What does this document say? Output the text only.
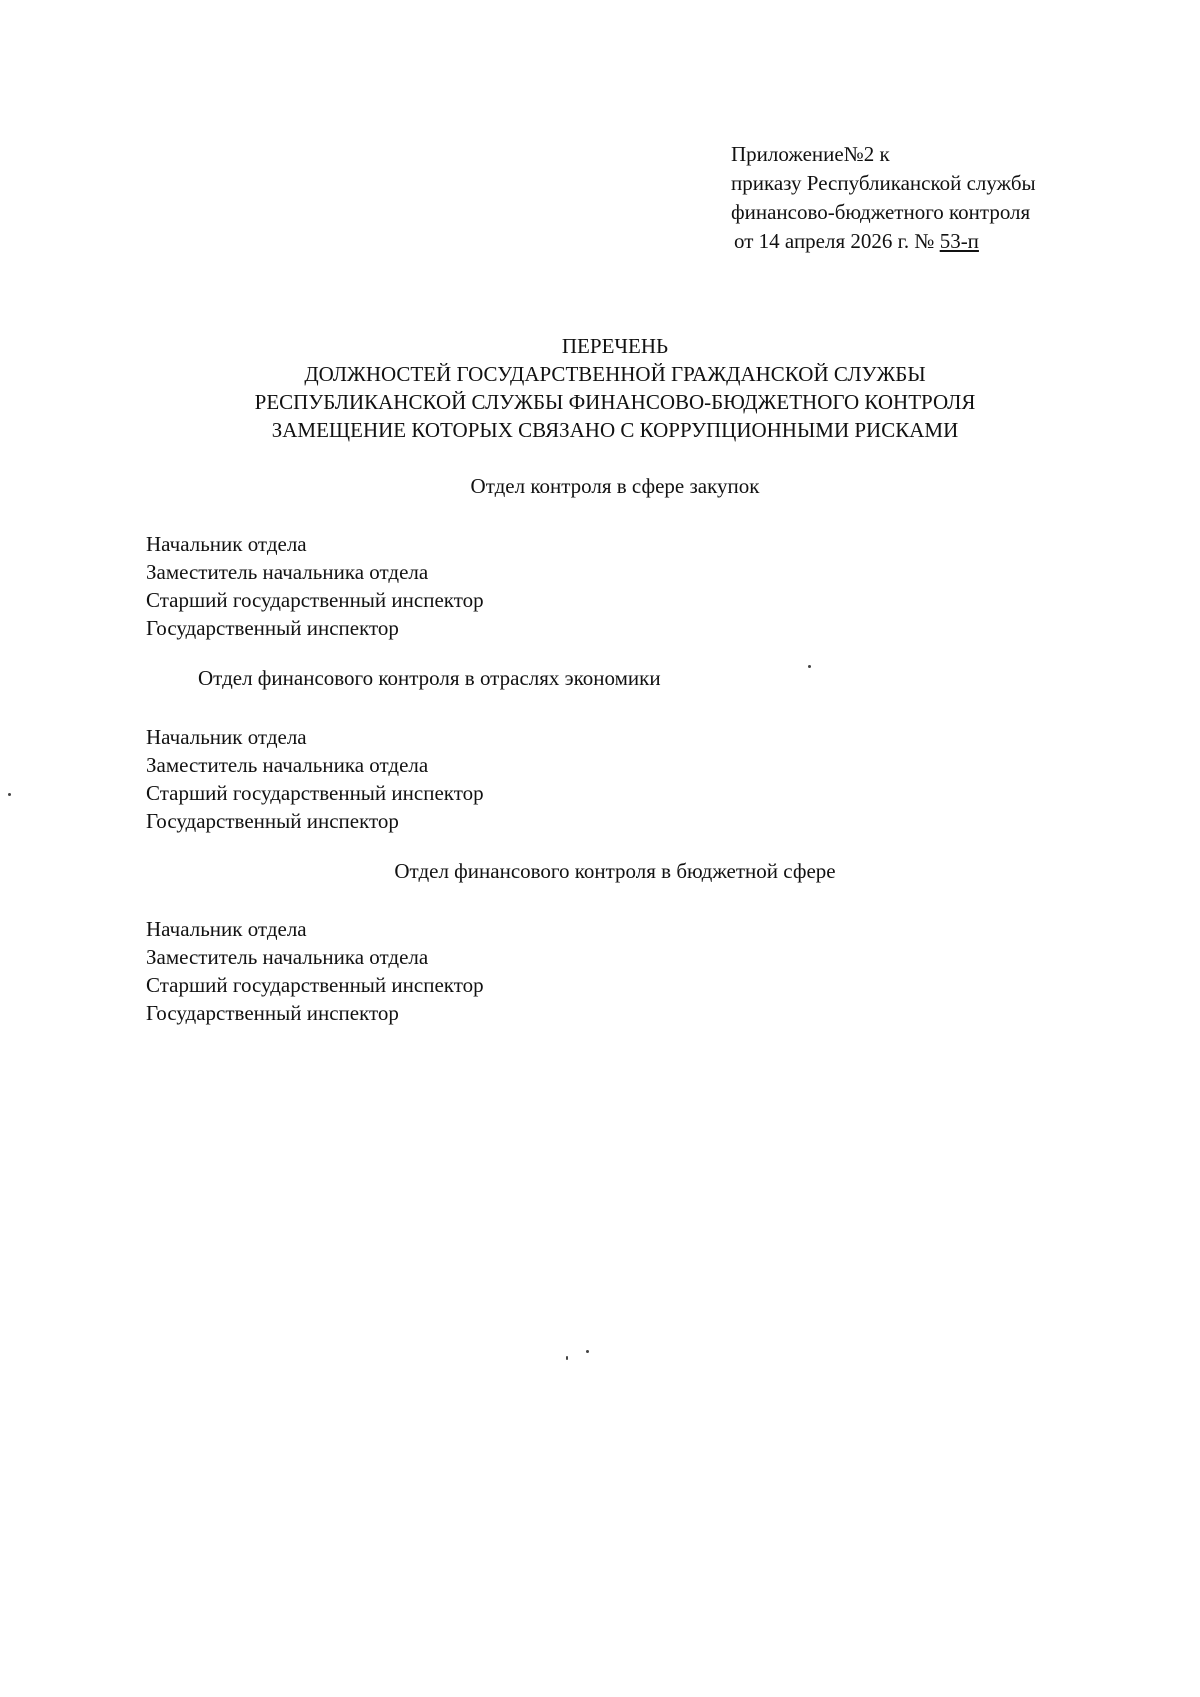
Приложение№2 к
приказу Республиканской службы
финансово-бюджетного контроля
от 14 апреля 2026 г. № 53-п
ПЕРЕЧЕНЬ
ДОЛЖНОСТЕЙ ГОСУДАРСТВЕННОЙ ГРАЖДАНСКОЙ СЛУЖБЫ
РЕСПУБЛИКАНСКОЙ СЛУЖБЫ ФИНАНСОВО-БЮДЖЕТНОГО КОНТРОЛЯ
ЗАМЕЩЕНИЕ КОТОРЫХ СВЯЗАНО С КОРРУПЦИОННЫМИ РИСКАМИ
Отдел контроля в сфере закупок
Начальник отдела
Заместитель начальника отдела
Старший государственный инспектор
Государственный инспектор
Отдел финансового контроля в отраслях экономики
Начальник отдела
Заместитель начальника отдела
Старший государственный инспектор
Государственный инспектор
Отдел финансового контроля в бюджетной сфере
Начальник отдела
Заместитель начальника отдела
Старший государственный инспектор
Государственный инспектор
